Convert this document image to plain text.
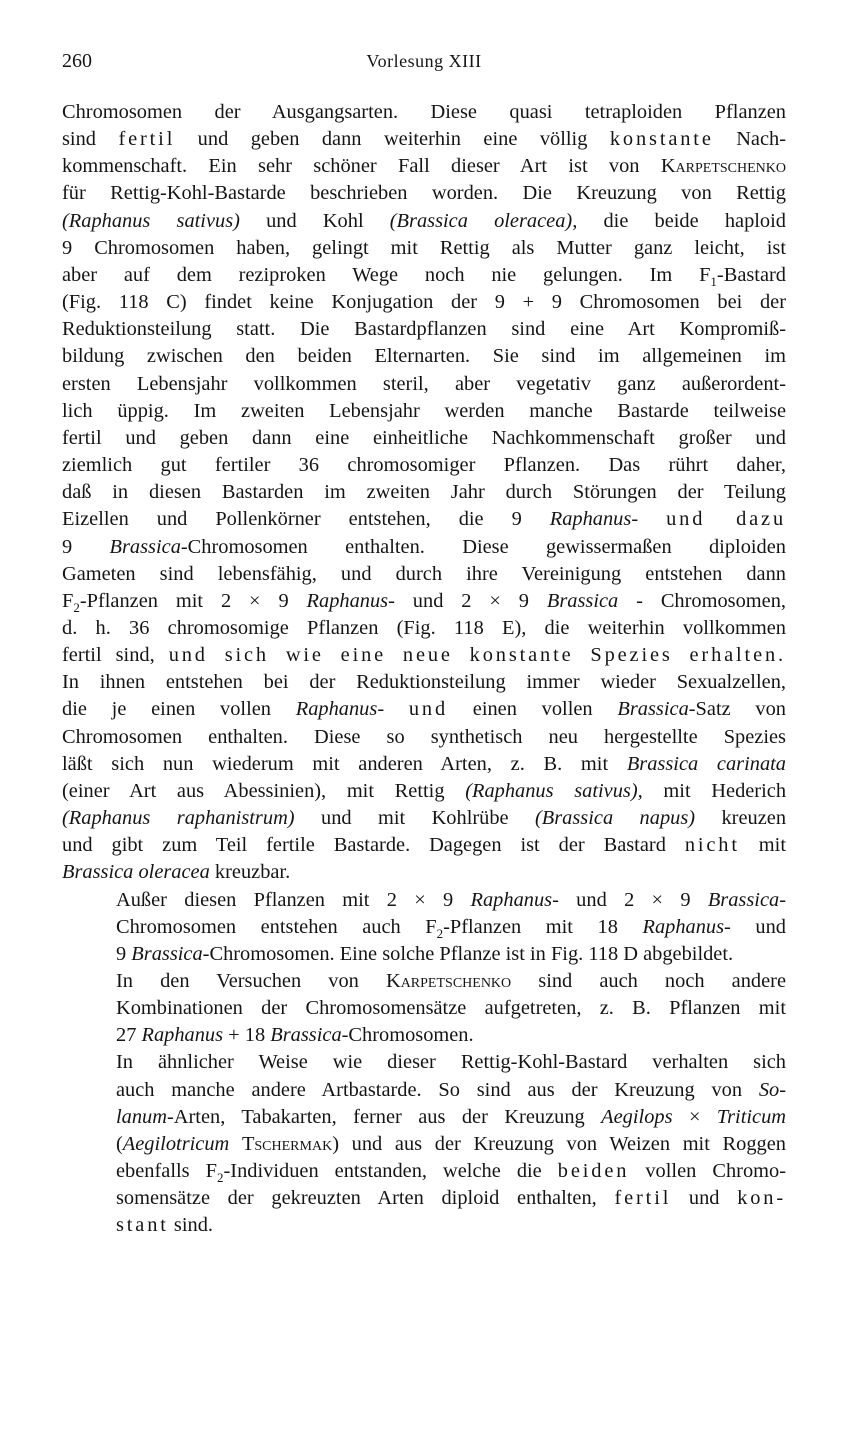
260	Vorlesung XIII

Chromosomen der Ausgangsarten. Diese quasi tetraploiden Pflanzen
sind fertil und geben dann weiterhin eine völlig konstante Nach-
kommenschaft. Ein sehr schöner Fall dieser Art ist von Karpetschenko
für Rettig-Kohl-Bastarde beschrieben worden. Die Kreuzung von Rettig
(Raphanus sativus) und Kohl (Brassica oleracea), die beide haploid
9 Chromosomen haben, gelingt mit Rettig als Mutter ganz leicht, ist
aber auf dem reziproken Wege noch nie gelungen. Im $F_1$-Bastard
(Fig. 118 C) findet keine Konjugation der 9 + 9 Chromosomen bei der
Reduktionsteilung statt. Die Bastardpflanzen sind eine Art Kompromiß-
bildung zwischen den beiden Elternarten. Sie sind im allgemeinen im
ersten Lebensjahr vollkommen steril, aber vegetativ ganz außerordent-
lich üppig. Im zweiten Lebensjahr werden manche Bastarde teilweise
fertil und geben dann eine einheitliche Nachkommenschaft großer und
ziemlich gut fertiler 36 chromosomiger Pflanzen. Das rührt daher,
daß in diesen Bastarden im zweiten Jahr durch Störungen der Teilung
Eizellen und Pollenkörner entstehen, die 9 Raphanus- und dazu
9 Brassica-Chromosomen enthalten. Diese gewissermaßen diploiden
Gameten sind lebensfähig, und durch ihre Vereinigung entstehen dann
$F_2$-Pflanzen mit 2 × 9 Raphanus- und 2 × 9 Brassica - Chromosomen,
d. h. 36 chromosomige Pflanzen (Fig. 118 E), die weiterhin vollkommen
fertil sind, und sich wie eine neue konstante Spezies erhalten.
In ihnen entstehen bei der Reduktionsteilung immer wieder Sexualzellen,
die je einen vollen Raphanus- und einen vollen Brassica-Satz von
Chromosomen enthalten. Diese so synthetisch neu hergestellte Spezies
läßt sich nun wiederum mit anderen Arten, z. B. mit Brassica carinata
(einer Art aus Abessinien), mit Rettig (Raphanus sativus), mit Hederich
(Raphanus raphanistrum) und mit Kohlrübe (Brassica napus) kreuzen
und gibt zum Teil fertile Bastarde. Dagegen ist der Bastard nicht mit
Brassica oleracea kreuzbar.

Außer diesen Pflanzen mit 2 × 9 Raphanus- und 2 × 9 Brassica-
Chromosomen entstehen auch $F_2$-Pflanzen mit 18 Raphanus- und
9 Brassica-Chromosomen. Eine solche Pflanze ist in Fig. 118 D abgebildet.

In den Versuchen von Karpetschenko sind auch noch andere
Kombinationen der Chromosomensätze aufgetreten, z. B. Pflanzen mit
27 Raphanus + 18 Brassica-Chromosomen.

In ähnlicher Weise wie dieser Rettig-Kohl-Bastard verhalten sich
auch manche andere Artbastarde. So sind aus der Kreuzung von So-
lanum-Arten, Tabakarten, ferner aus der Kreuzung Aegilops × Triticum
(Aegilotricum Tschermak) und aus der Kreuzung von Weizen mit Roggen
ebenfalls $F_2$-Individuen entstanden, welche die beiden vollen Chromo-
somensätze der gekreuzten Arten diploid enthalten, fertil und kon-
stant sind.
